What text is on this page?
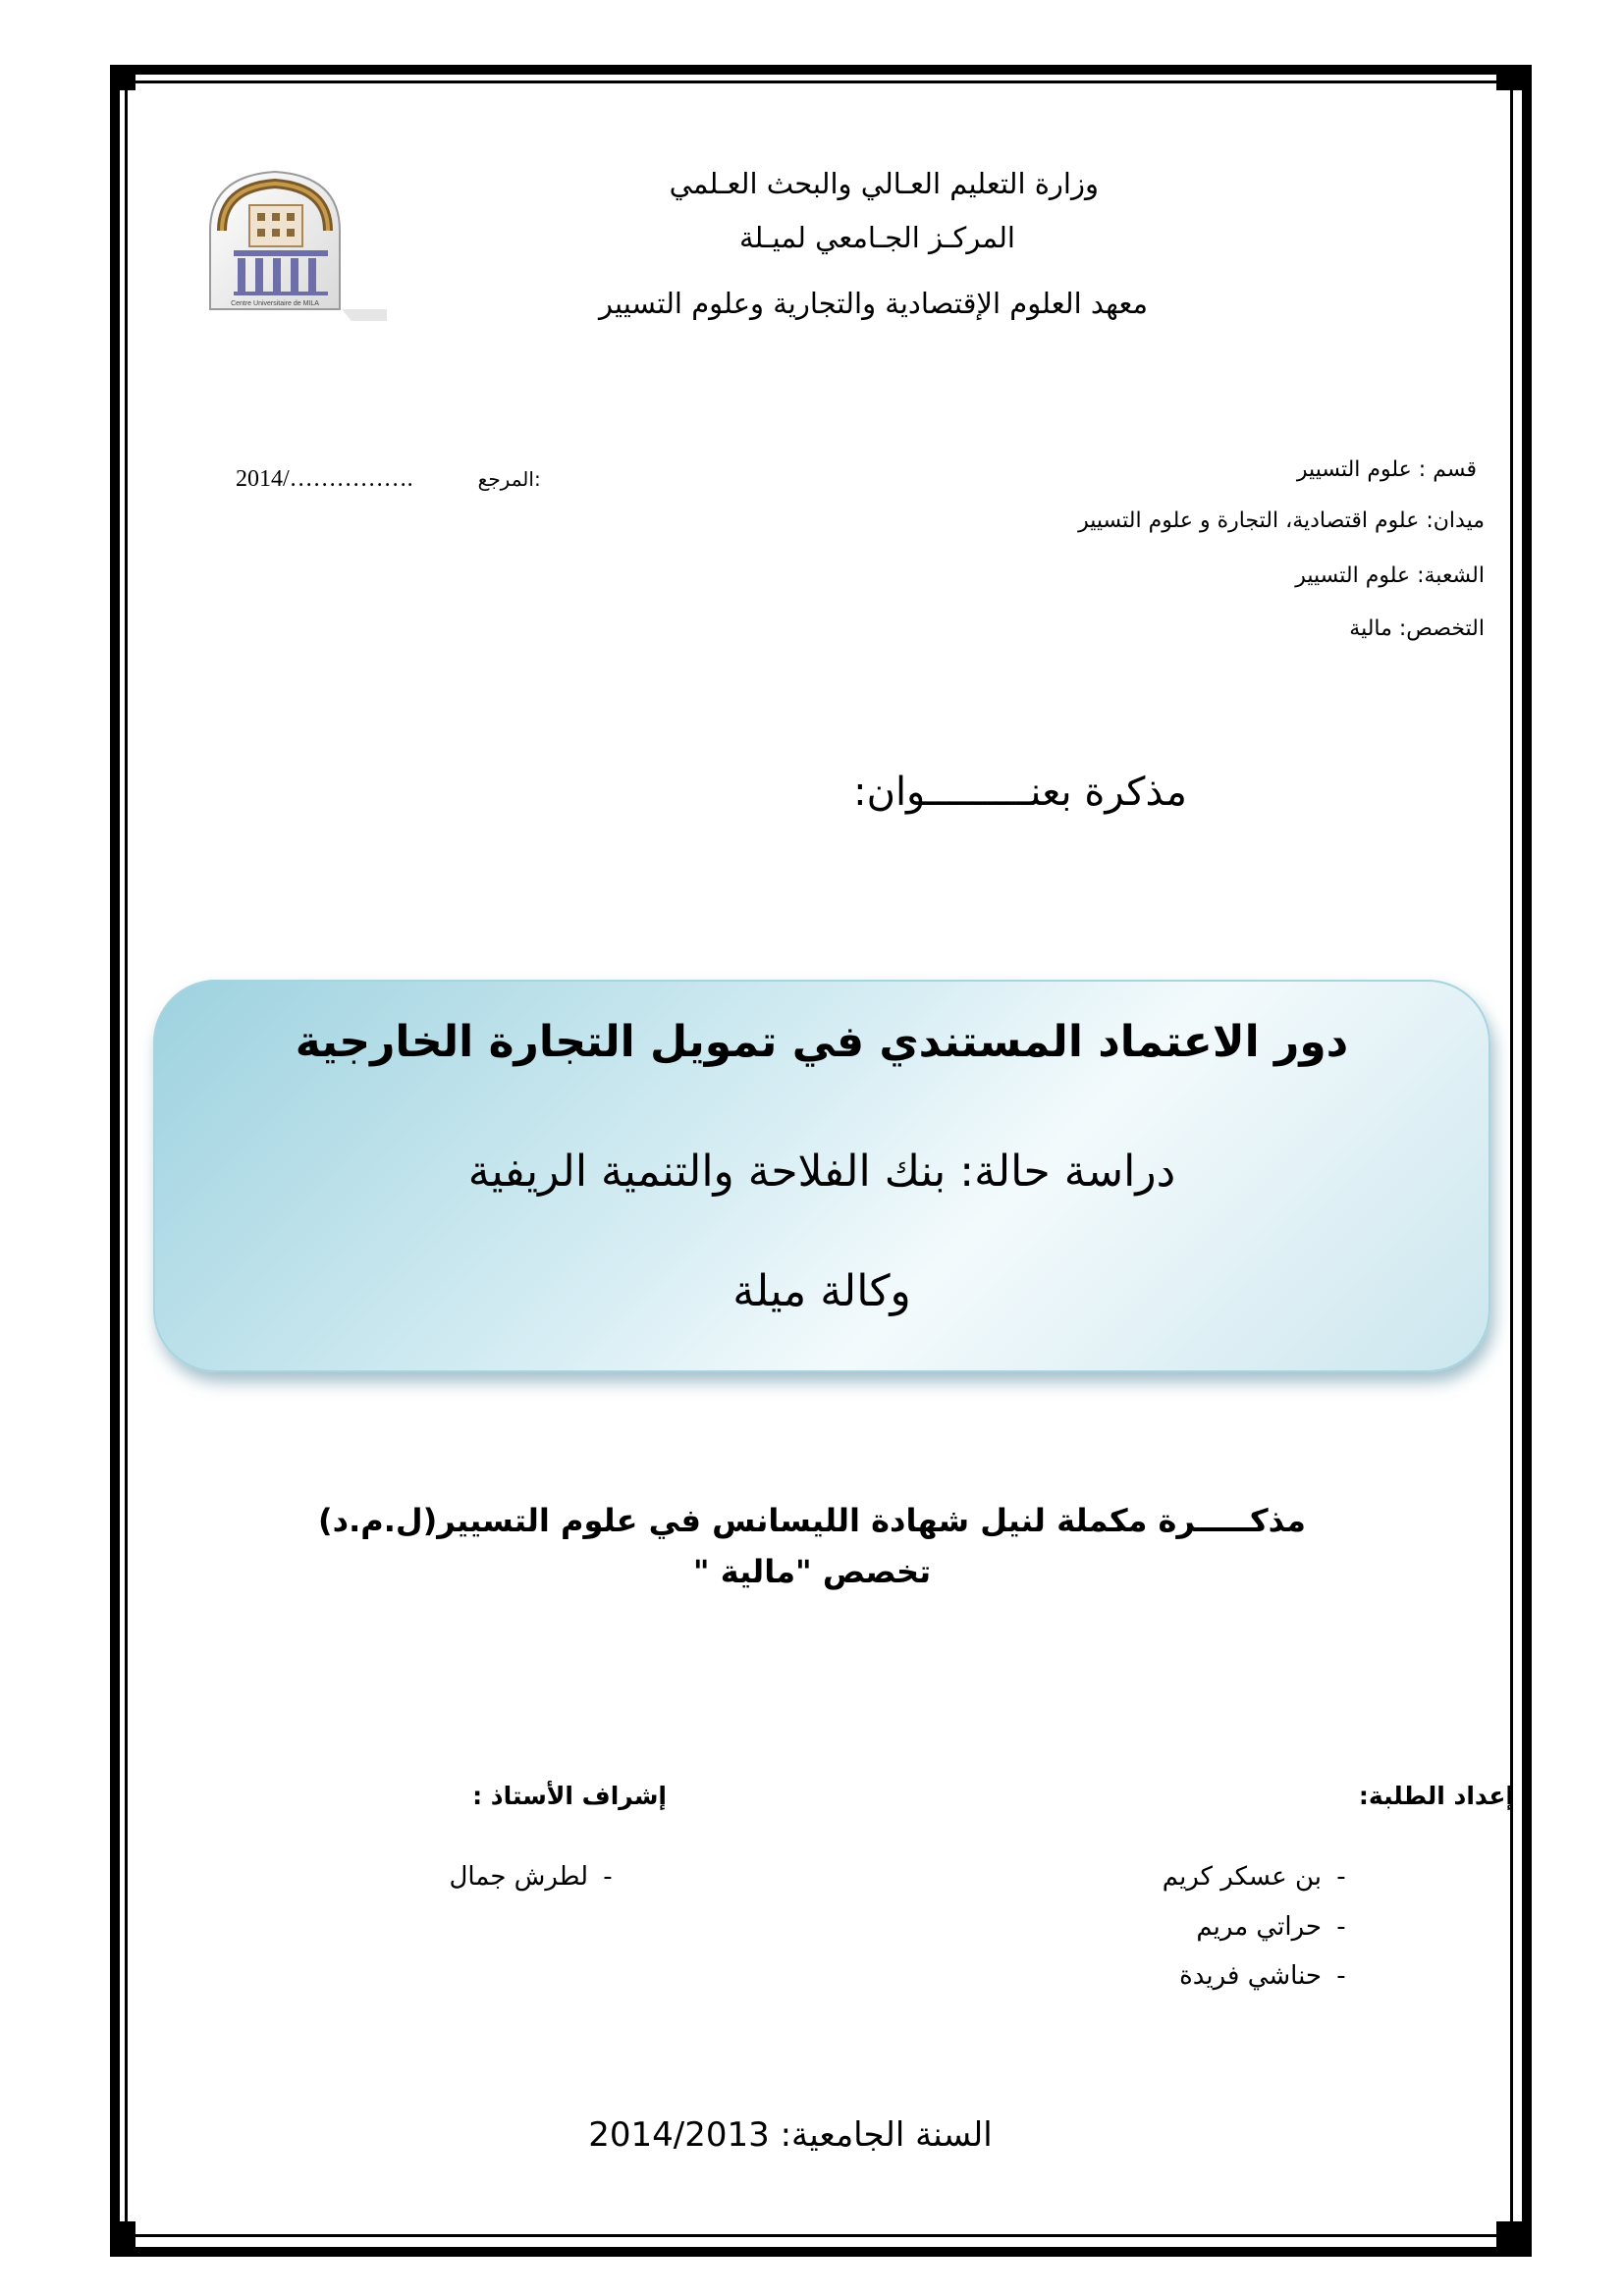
Centre Universitaire de MILA
وزارة التعليم العـالي والبحث العـلمي
المركـز الجـامعي لميـلة
معهد العلوم الإقتصادية والتجارية وعلوم التسيير
قسم : علوم التسيير
ميدان: علوم اقتصادية، التجارة و علوم التسيير
الشعبة: علوم التسيير
التخصص: مالية
2014/…………….	المرجع:
مذكرة بعنـــــــــوان:
دور الاعتماد المستندي في تمويل التجارة الخارجية
دراسة حالة: بنك الفلاحة والتنمية الريفية
وكالة ميلة
مذكـــــرة مكملة لنيل شهادة الليسانس في علوم التسيير(ل.م.د)
تخصص "مالية "
إعداد الطلبة:
-بن عسكر كريم
-حراتي مريم
-حناشي فريدة
إشراف الأستاذ :
-لطرش جمال
السنة الجامعية: 2014/2013
